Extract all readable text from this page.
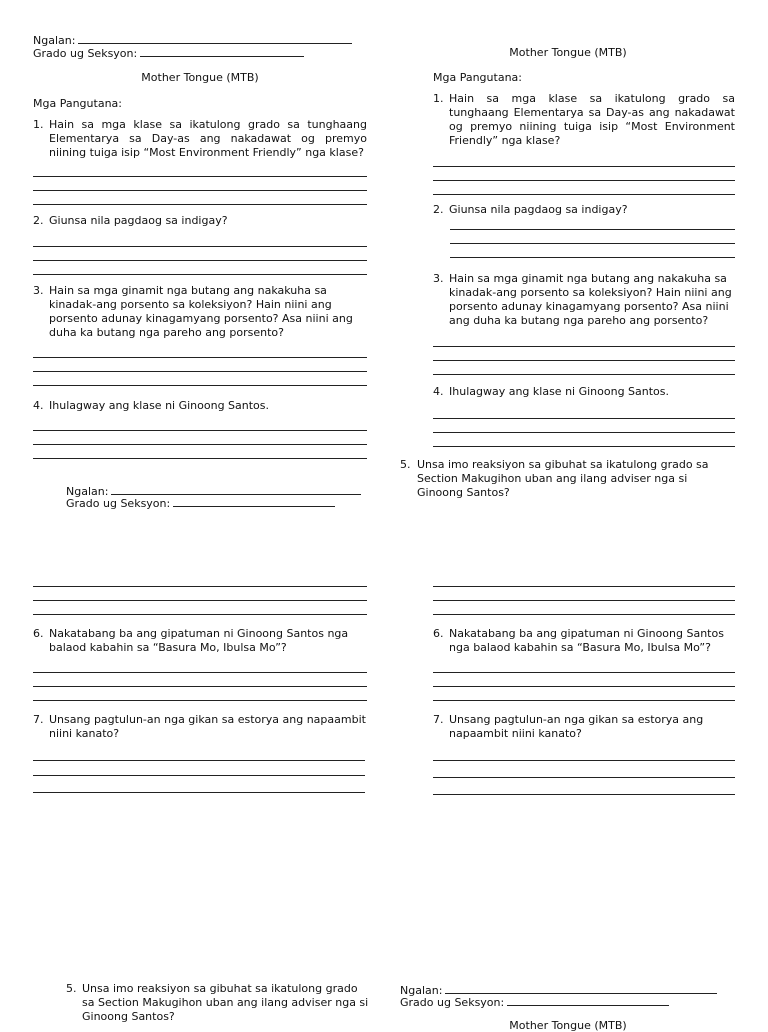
Ngalan:
Grado ug Seksyon:
Mother Tongue (MTB)
Mga Pangutana:
1. Hain sa mga klase sa ikatulong grado sa tunghaang Elementarya sa Day-as ang nakadawat og premyo niining tuiga isip “Most Environment Friendly” nga klase?
2. Giunsa nila pagdaog sa indigay?
3. Hain sa mga ginamit nga butang ang nakakuha sa kinadak-ang porsento sa koleksiyon? Hain niini ang porsento adunay kinagamyang porsento? Asa niini ang duha ka butang nga pareho ang porsento?
4. Ihulagway ang klase ni Ginoong Santos.
Ngalan:
Grado ug Seksyon:
6. Nakatabang ba ang gipatuman ni Ginoong Santos nga balaod kabahin sa “Basura Mo, Ibulsa Mo”?
7. Unsang pagtulun-an nga gikan sa estorya ang napaambit niini kanato?
5. Unsa imo reaksiyon sa gibuhat sa ikatulong grado sa Section Makugihon uban ang ilang adviser nga si Ginoong Santos?
Mother Tongue (MTB)
Mga Pangutana:
1. Hain sa mga klase sa ikatulong grado sa tunghaang Elementarya sa Day-as ang nakadawat og premyo niining tuiga isip “Most Environment Friendly” nga klase?
2. Giunsa nila pagdaog sa indigay?
3. Hain sa mga ginamit nga butang ang nakakuha sa kinadak-ang porsento sa koleksiyon? Hain niini ang porsento adunay kinagamyang porsento? Asa niini ang duha ka butang nga pareho ang porsento?
4. Ihulagway ang klase ni Ginoong Santos.
5. Unsa imo reaksiyon sa gibuhat sa ikatulong grado sa Section Makugihon uban ang ilang adviser nga si Ginoong Santos?
6. Nakatabang ba ang gipatuman ni Ginoong Santos nga balaod kabahin sa “Basura Mo, Ibulsa Mo”?
7. Unsang pagtulun-an nga gikan sa estorya ang napaambit niini kanato?
Ngalan:
Grado ug Seksyon:
Mother Tongue (MTB)
